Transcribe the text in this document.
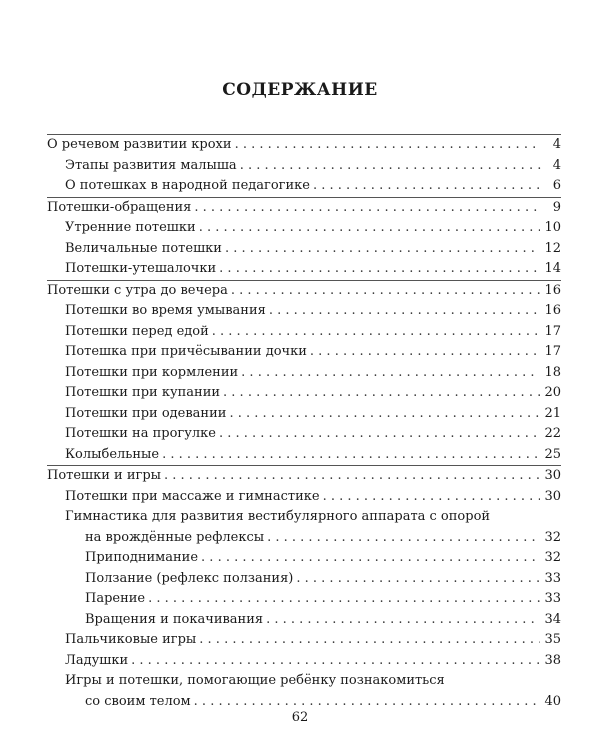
СОДЕРЖАНИЕ
О речевом развитии крохи . . .	4
Этапы развития малыша . . .	4
О потешках в народной педагогике . . .	6
Потешки-обращения . . .	9
Утренние потешки . . .	10
Величальные потешки . . .	12
Потешки-утешалочки . . .	14
Потешки с утра до вечера . . .	16
Потешки во время умывания . . .	16
Потешки перед едой . . .	17
Потешка при причёсывании дочки . . .	17
Потешки при кормлении . . .	18
Потешки при купании . . .	20
Потешки при одевании . . .	21
Потешки на прогулке . . .	22
Колыбельные . . .	25
Потешки и игры . . .	30
Потешки при массаже и гимнастике . . .	30
Гимнастика для развития вестибулярного аппарата с опорой
на врождённые рефлексы . . .	32
Приподнимание . . .	32
Ползание (рефлекс ползания) . . .	33
Парение . . .	33
Вращения и покачивания . . .	34
Пальчиковые игры . . .	35
Ладушки . . .	38
Игры и потешки, помогающие ребёнку познакомиться
со своим телом . . .	40
62
